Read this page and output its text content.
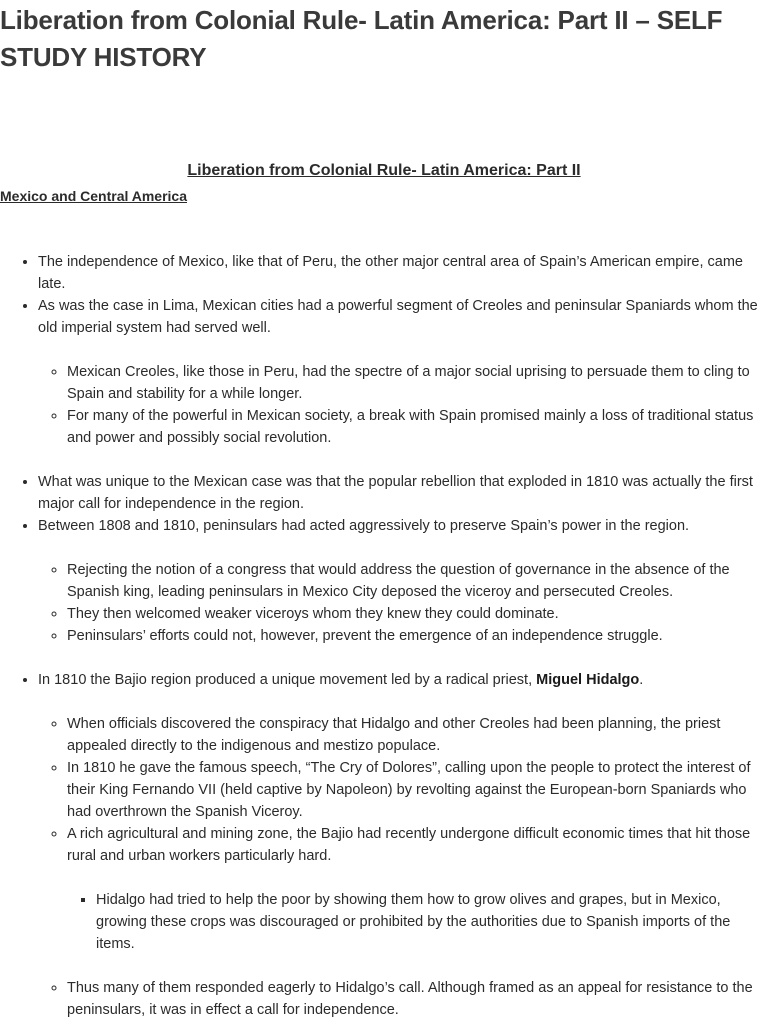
Liberation from Colonial Rule- Latin America: Part II – SELF STUDY HISTORY
Liberation from Colonial Rule- Latin America: Part II
Mexico and Central America
• The independence of Mexico, like that of Peru, the other major central area of Spain’s American empire, came late.
• As was the case in Lima, Mexican cities had a powerful segment of Creoles and peninsular Spaniards whom the old imperial system had served well.
◦ Mexican Creoles, like those in Peru, had the spectre of a major social uprising to persuade them to cling to Spain and stability for a while longer.
◦ For many of the powerful in Mexican society, a break with Spain promised mainly a loss of traditional status and power and possibly social revolution.
• What was unique to the Mexican case was that the popular rebellion that exploded in 1810 was actually the first major call for independence in the region.
• Between 1808 and 1810, peninsulars had acted aggressively to preserve Spain’s power in the region.
◦ Rejecting the notion of a congress that would address the question of governance in the absence of the Spanish king, leading peninsulars in Mexico City deposed the viceroy and persecuted Creoles.
◦ They then welcomed weaker viceroys whom they knew they could dominate.
◦ Peninsulars’ efforts could not, however, prevent the emergence of an independence struggle.
• In 1810 the Bajio region produced a unique movement led by a radical priest, Miguel Hidalgo.
◦ When officials discovered the conspiracy that Hidalgo and other Creoles had been planning, the priest appealed directly to the indigenous and mestizo populace.
◦ In 1810 he gave the famous speech, “The Cry of Dolores”, calling upon the people to protect the interest of their King Fernando VII (held captive by Napoleon) by revolting against the European-born Spaniards who had overthrown the Spanish Viceroy.
◦ A rich agricultural and mining zone, the Bajio had recently undergone difficult economic times that hit those rural and urban workers particularly hard.
▪ Hidalgo had tried to help the poor by showing them how to grow olives and grapes, but in Mexico, growing these crops was discouraged or prohibited by the authorities due to Spanish imports of the items.
◦ Thus many of them responded eagerly to Hidalgo’s call. Although framed as an appeal for resistance to the peninsulars, it was in effect a call for independence.
